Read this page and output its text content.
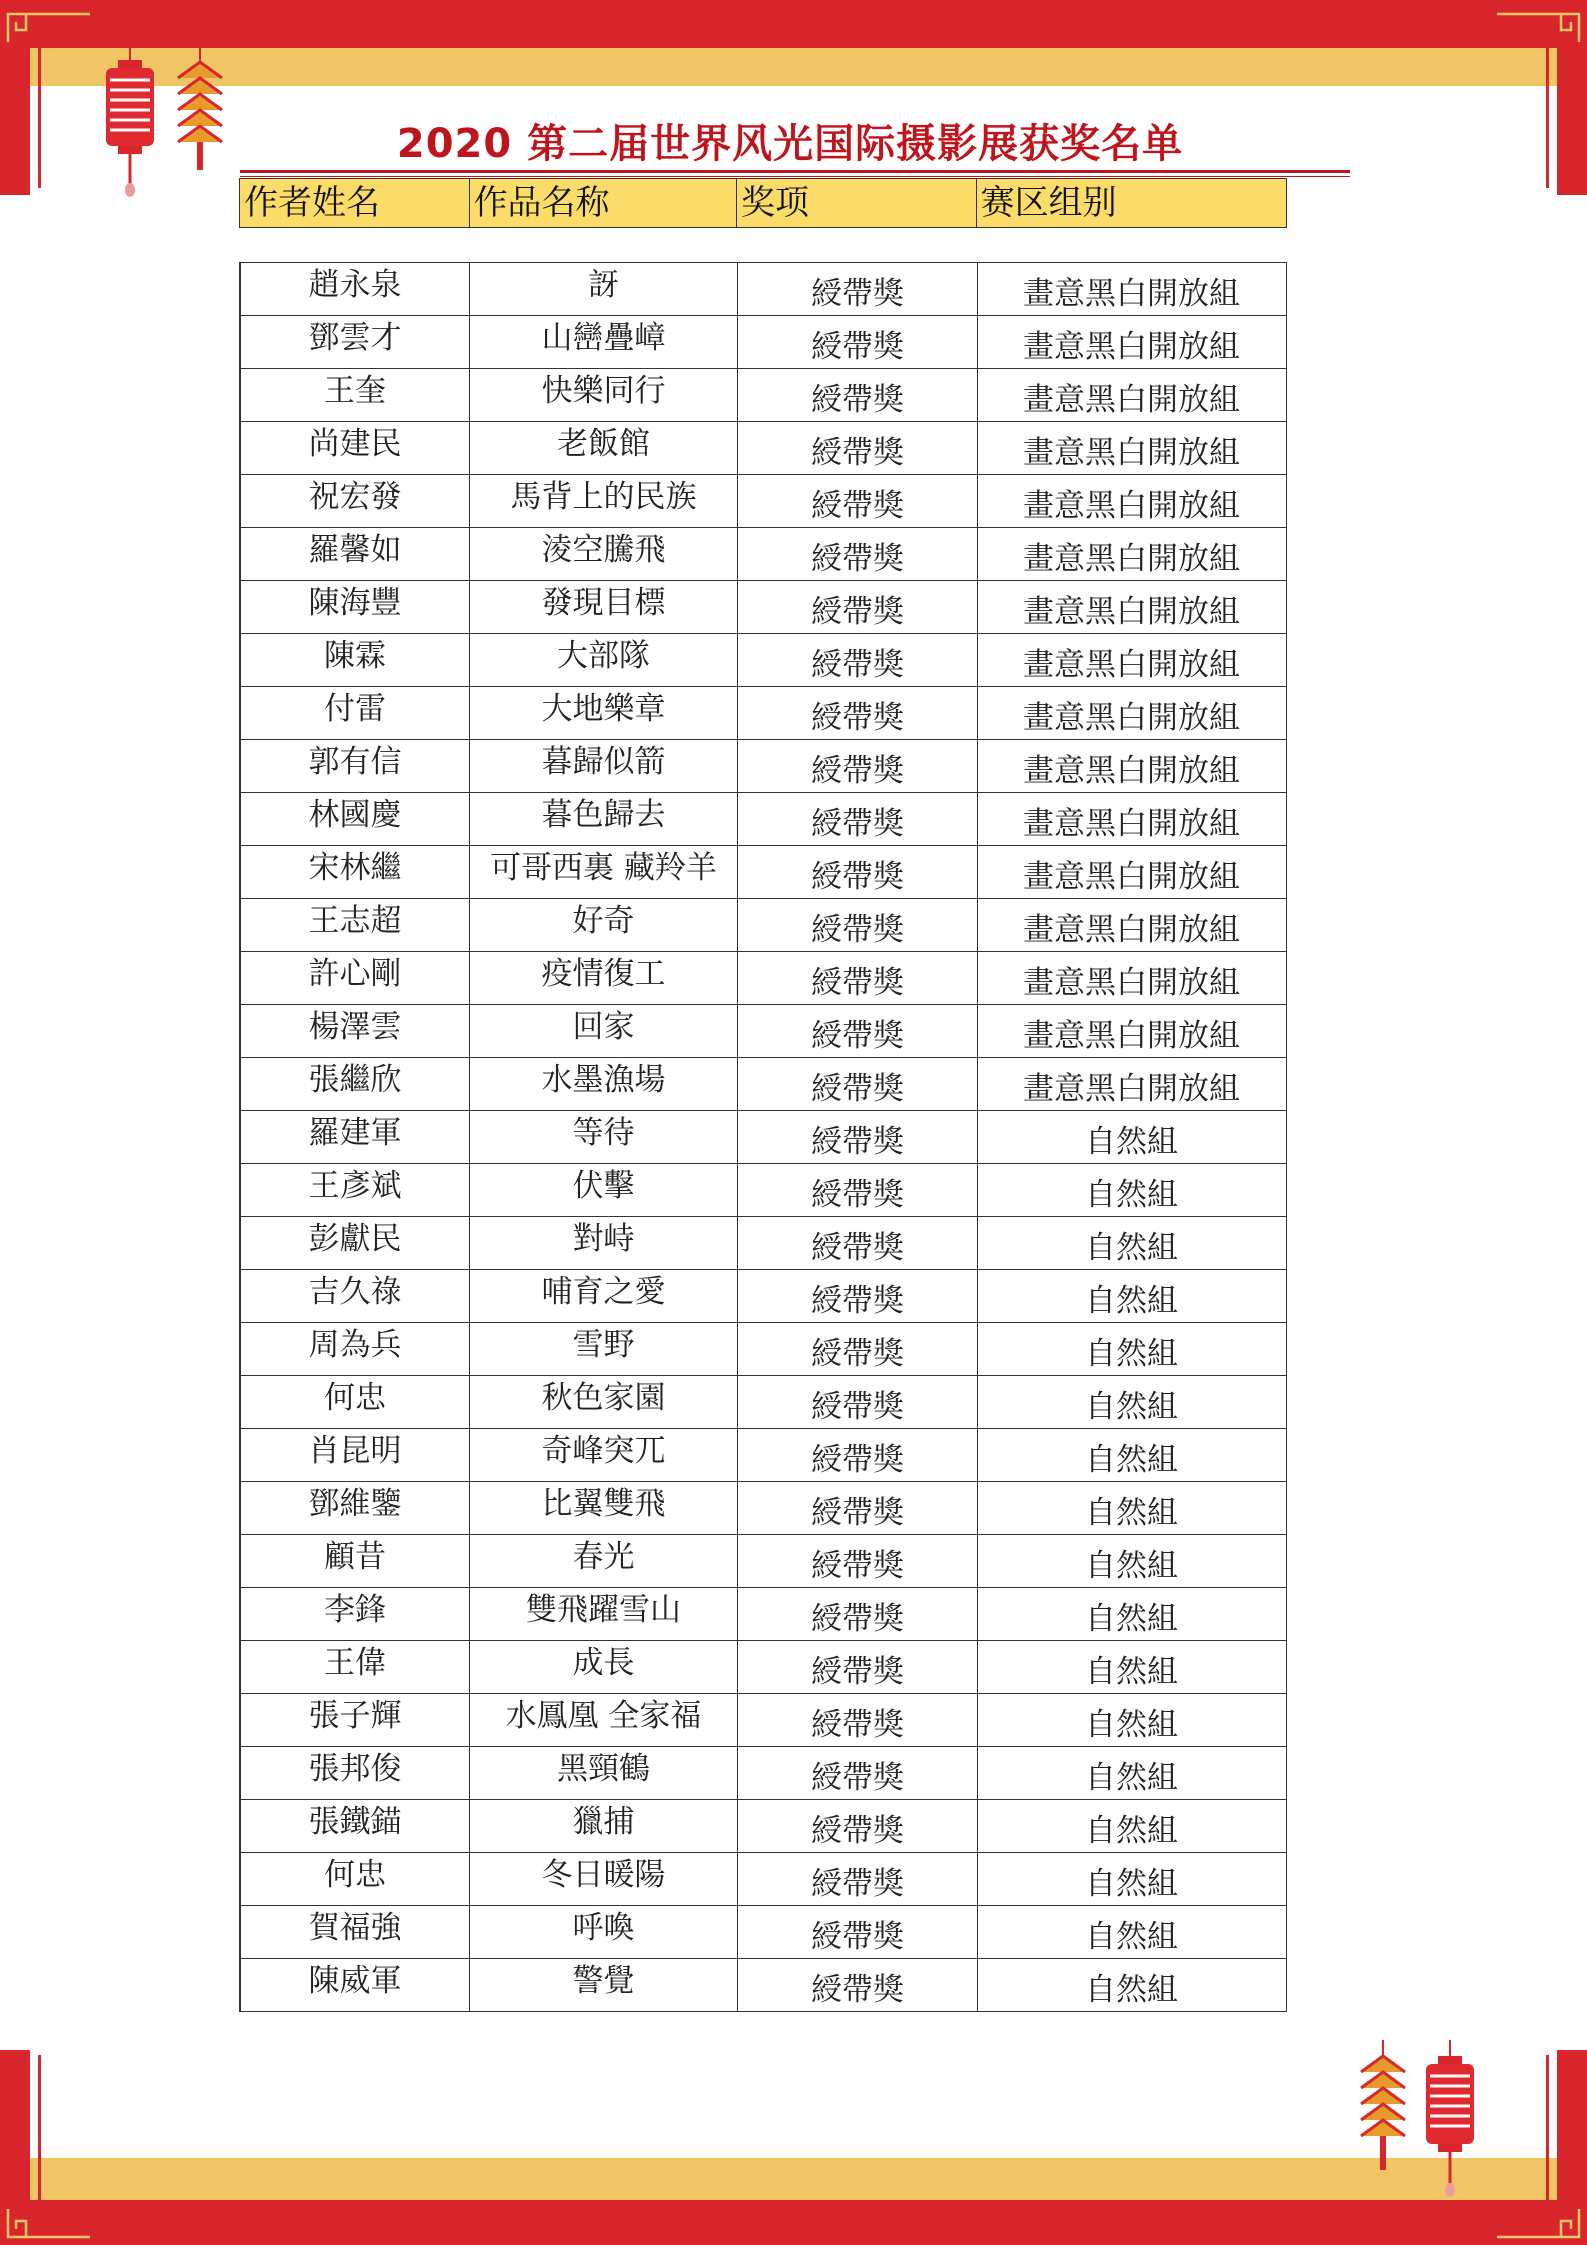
2020 第二届世界风光国际摄影展获奖名单
作者姓名	作品名称	奖项	赛区组别
趙永泉	訝	綬帶獎	畫意黑白開放組
鄧雲才	山巒疊嶂	綬帶獎	畫意黑白開放組
王奎	快樂同行	綬帶獎	畫意黑白開放組
尚建民	老飯館	綬帶獎	畫意黑白開放組
祝宏發	馬背上的民族	綬帶獎	畫意黑白開放組
羅馨如	淩空騰飛	綬帶獎	畫意黑白開放組
陳海豐	發現目標	綬帶獎	畫意黑白開放組
陳霖	大部隊	綬帶獎	畫意黑白開放組
付雷	大地樂章	綬帶獎	畫意黑白開放組
郭有信	暮歸似箭	綬帶獎	畫意黑白開放組
林國慶	暮色歸去	綬帶獎	畫意黑白開放組
宋林繼	可哥西裏 藏羚羊	綬帶獎	畫意黑白開放組
王志超	好奇	綬帶獎	畫意黑白開放組
許心剛	疫情復工	綬帶獎	畫意黑白開放組
楊澤雲	回家	綬帶獎	畫意黑白開放組
張繼欣	水墨漁場	綬帶獎	畫意黑白開放組
羅建軍	等待	綬帶獎	自然組
王彥斌	伏擊	綬帶獎	自然組
彭獻民	對峙	綬帶獎	自然組
吉久祿	哺育之愛	綬帶獎	自然組
周為兵	雪野	綬帶獎	自然組
何忠	秋色家園	綬帶獎	自然組
肖昆明	奇峰突兀	綬帶獎	自然組
鄧維鑒	比翼雙飛	綬帶獎	自然組
顧昔	春光	綬帶獎	自然組
李鋒	雙飛躍雪山	綬帶獎	自然組
王偉	成長	綬帶獎	自然組
張子輝	水鳳凰 全家福	綬帶獎	自然組
張邦俊	黑頸鶴	綬帶獎	自然組
張鐵錨	獵捕	綬帶獎	自然組
何忠	冬日暖陽	綬帶獎	自然組
賀福強	呼喚	綬帶獎	自然組
陳威軍	警覺	綬帶獎	自然組
